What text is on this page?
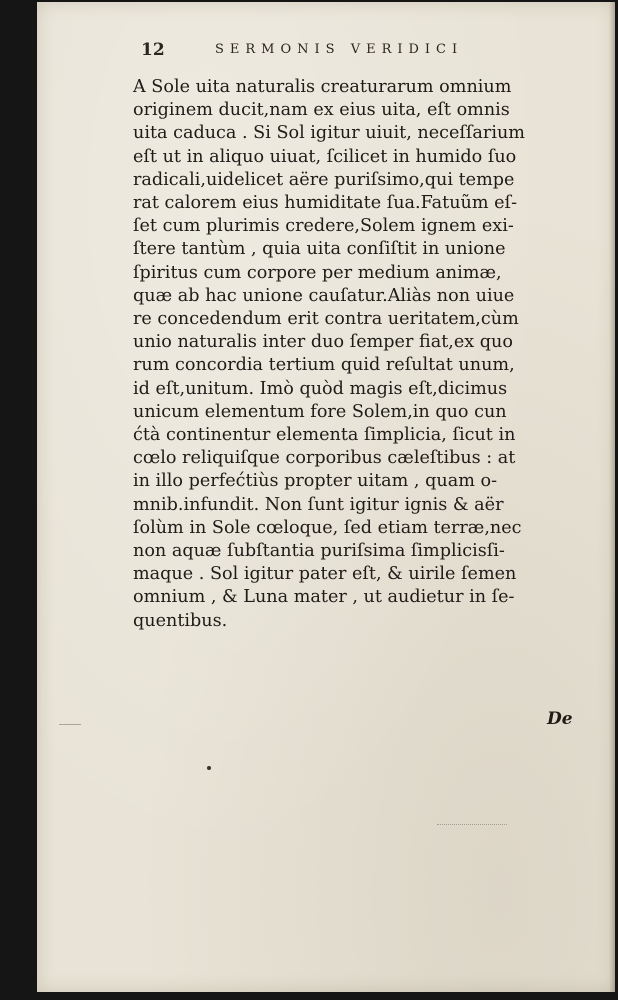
12	SERMONIS VERIDICI
A Sole uita naturalis creaturarum omnium
originem ducit,nam ex eius uita, eſt omnis
uita caduca . Si Sol igitur uiuit, neceſſarium
eſt ut in aliquo uiuat, ſcilicet in humido ſuo
radicali,uidelicet aëre puriſsimo,qui tempe
rat calorem eius humiditate ſua.Fatuũm eſ-
ſet cum plurimis credere,Solem ignem exi-
ſtere tantùm , quia uita conſiſtit in unione
ſpiritus cum corpore per medium animæ,
quæ ab hac unione cauſatur.Aliàs non uiue
re concedendum erit contra ueritatem,cùm
unio naturalis inter duo ſemper fiat,ex quo
rum concordia tertium quid reſultat unum,
id eſt,unitum. Imò quòd magis eſt,dicimus
unicum elementum fore Solem,in quo cun
ćtà continentur elementa ſimplicia, ſicut in
cœlo reliquiſque corporibus cæleſtibus : at
in illo perfećtiùs propter uitam , quam o-
mnib.infundit. Non ſunt igitur ignis & aër
ſolùm in Sole cœloque, ſed etiam terræ,nec
non aquæ ſubſtantia puriſsima ſimplicisſi-
maque . Sol igitur pater eſt, & uirile ſemen
omnium , & Luna mater , ut audietur in ſe-
quentibus.
De
